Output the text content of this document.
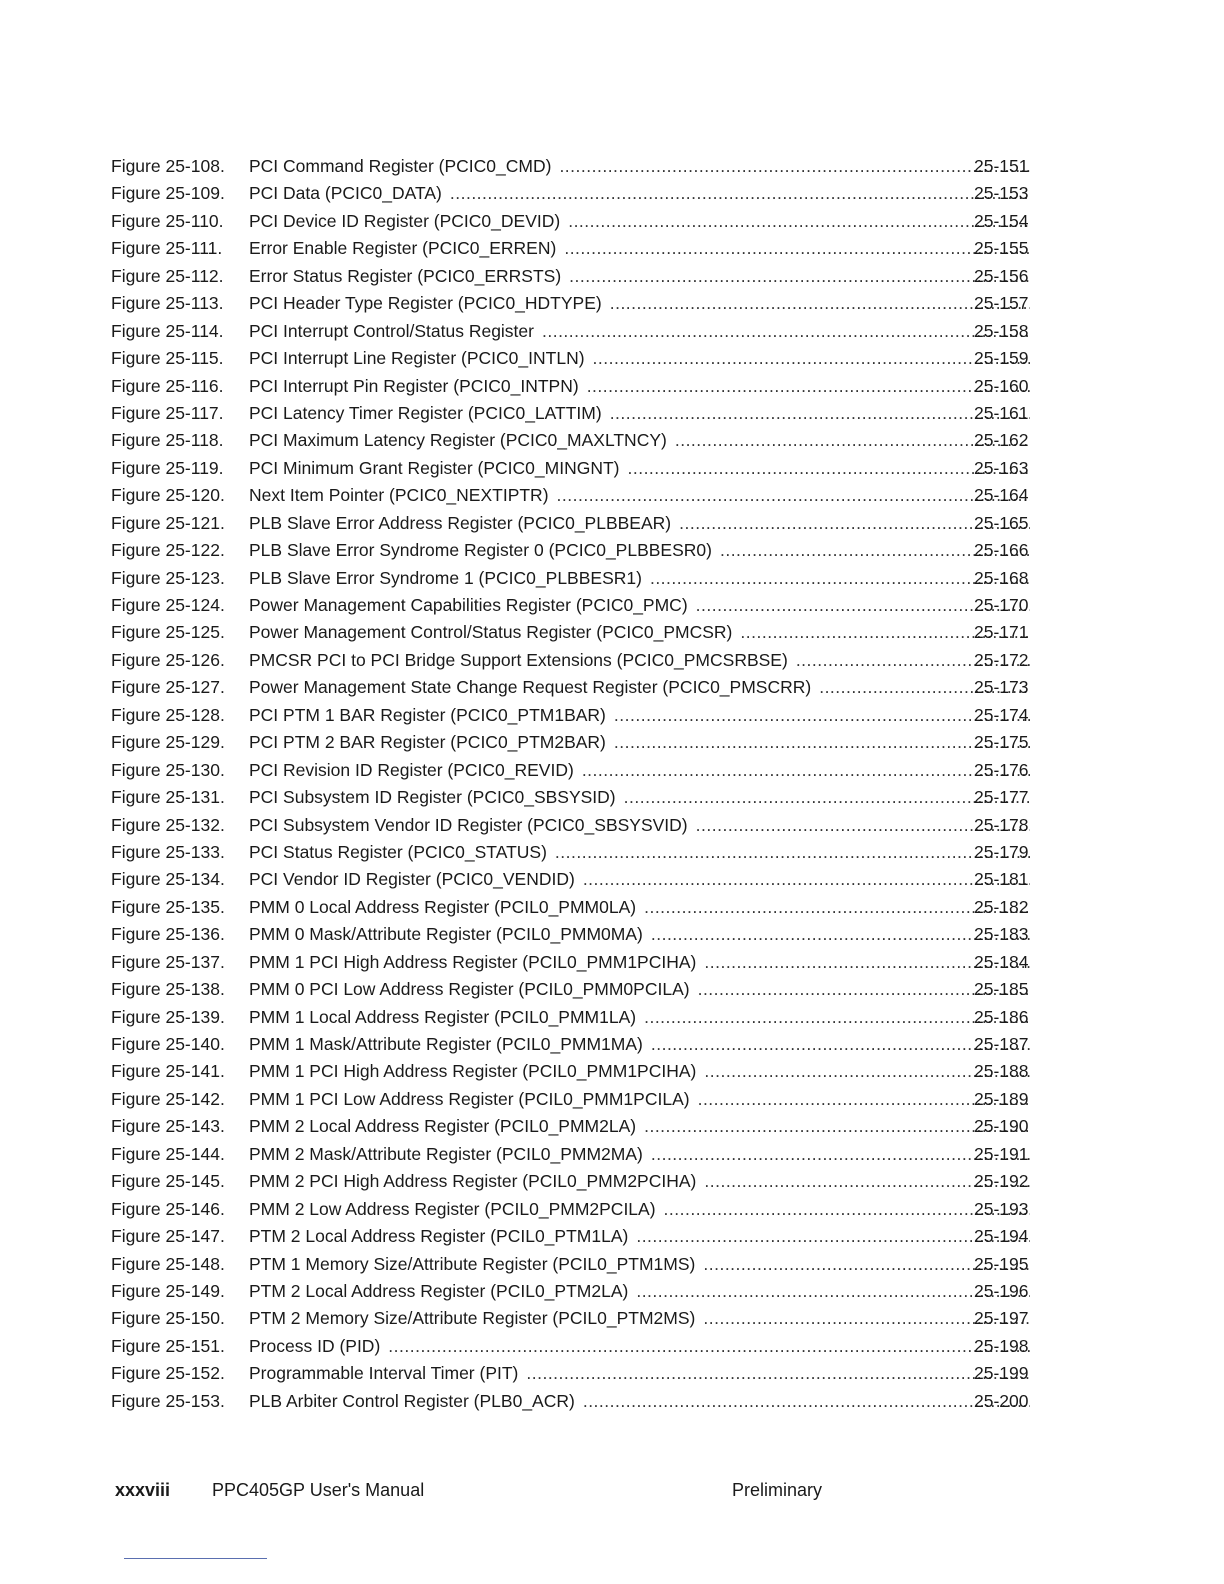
Figure 25-108. PCI Command Register (PCIC0_CMD) .....	25-151
Figure 25-109. PCI Data (PCIC0_DATA) .....	25-153
Figure 25-110. PCI Device ID Register (PCIC0_DEVID) .....	25-154
Figure 25-111. Error Enable Register (PCIC0_ERREN) .....	25-155
Figure 25-112. Error Status Register (PCIC0_ERRSTS) .....	25-156
Figure 25-113. PCI Header Type Register (PCIC0_HDTYPE) .....	25-157
Figure 25-114. PCI Interrupt Control/Status Register .....	25-158
Figure 25-115. PCI Interrupt Line Register (PCIC0_INTLN) .....	25-159
Figure 25-116. PCI Interrupt Pin Register (PCIC0_INTPN) .....	25-160
Figure 25-117. PCI Latency Timer Register (PCIC0_LATTIM) .....	25-161
Figure 25-118. PCI Maximum Latency Register (PCIC0_MAXLTNCY) .....	25-162
Figure 25-119. PCI Minimum Grant Register (PCIC0_MINGNT) .....	25-163
Figure 25-120. Next Item Pointer (PCIC0_NEXTIPTR) .....	25-164
Figure 25-121. PLB Slave Error Address Register (PCIC0_PLBBEAR) .....	25-165
Figure 25-122. PLB Slave Error Syndrome Register 0 (PCIC0_PLBBESR0) .....	25-166
Figure 25-123. PLB Slave Error Syndrome 1 (PCIC0_PLBBESR1) .....	25-168
Figure 25-124. Power Management Capabilities Register (PCIC0_PMC) .....	25-170
Figure 25-125. Power Management Control/Status Register (PCIC0_PMCSR) .....	25-171
Figure 25-126. PMCSR PCI to PCI Bridge Support Extensions (PCIC0_PMCSRBSE) .....	25-172
Figure 25-127. Power Management State Change Request Register (PCIC0_PMSCRR) .....	25-173
Figure 25-128. PCI PTM 1 BAR Register (PCIC0_PTM1BAR) .....	25-174
Figure 25-129. PCI PTM 2 BAR Register (PCIC0_PTM2BAR) .....	25-175
Figure 25-130. PCI Revision ID Register (PCIC0_REVID) .....	25-176
Figure 25-131. PCI Subsystem ID Register (PCIC0_SBSYSID) .....	25-177
Figure 25-132. PCI Subsystem Vendor ID Register (PCIC0_SBSYSVID) .....	25-178
Figure 25-133. PCI Status Register (PCIC0_STATUS) .....	25-179
Figure 25-134. PCI Vendor ID Register (PCIC0_VENDID) .....	25-181
Figure 25-135. PMM 0 Local Address Register (PCIL0_PMM0LA) .....	25-182
Figure 25-136. PMM 0 Mask/Attribute Register (PCIL0_PMM0MA) .....	25-183
Figure 25-137. PMM 1 PCI High Address Register (PCIL0_PMM1PCIHA) .....	25-184
Figure 25-138. PMM 0 PCI Low Address Register (PCIL0_PMM0PCILA) .....	25-185
Figure 25-139. PMM 1 Local Address Register (PCIL0_PMM1LA) .....	25-186
Figure 25-140. PMM 1 Mask/Attribute Register (PCIL0_PMM1MA) .....	25-187
Figure 25-141. PMM 1 PCI High Address Register (PCIL0_PMM1PCIHA) .....	25-188
Figure 25-142. PMM 1 PCI Low Address Register (PCIL0_PMM1PCILA) .....	25-189
Figure 25-143. PMM 2 Local Address Register (PCIL0_PMM2LA) .....	25-190
Figure 25-144. PMM 2 Mask/Attribute Register (PCIL0_PMM2MA) .....	25-191
Figure 25-145. PMM 2 PCI High Address Register (PCIL0_PMM2PCIHA) .....	25-192
Figure 25-146. PMM 2 Low Address Register (PCIL0_PMM2PCILA) .....	25-193
Figure 25-147. PTM 2 Local Address Register (PCIL0_PTM1LA) .....	25-194
Figure 25-148. PTM 1 Memory Size/Attribute Register (PCIL0_PTM1MS) .....	25-195
Figure 25-149. PTM 2 Local Address Register (PCIL0_PTM2LA) .....	25-196
Figure 25-150. PTM 2 Memory Size/Attribute Register (PCIL0_PTM2MS) .....	25-197
Figure 25-151. Process ID (PID) .....	25-198
Figure 25-152. Programmable Interval Timer (PIT) .....	25-199
Figure 25-153. PLB Arbiter Control Register (PLB0_ACR) .....	25-200
xxxviii PPC405GP User's Manual	Preliminary
